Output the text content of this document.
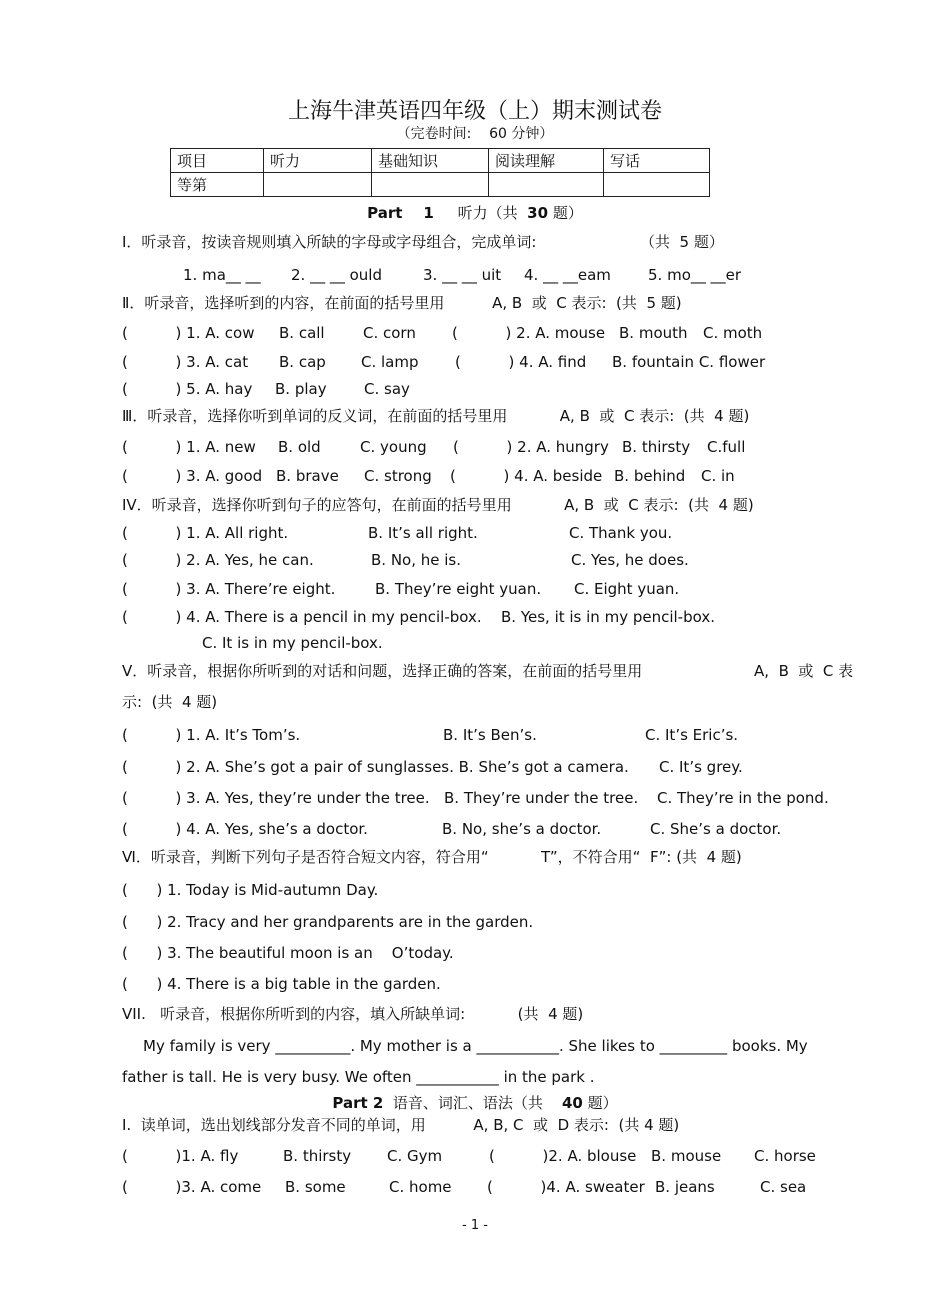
上海牛津英语四年级（上）期末测试卷
（完卷时间:    60 分钟）
项目	听力	基础知识	阅读理解	写话
等第				
Part    1 听力（共 30 题）
Ⅰ．听录音，按读音规则填入所缺的字母或字母组合，完成单词:	（共  5 题）
1. ma__ __ 2. __ __ ould	3. __ __ uit 4. __ __eam 5. mo__ __er
Ⅱ．听录音，选择听到的内容，在前面的括号里用          A, B  或  C 表示:  (共  5 题)
(          ) 1. A. cow B. call	C. corn (          ) 2. A. mouse B. mouth C. moth
(          ) 3. A. cat B. cap C. lamp (          ) 4. A. find B. fountain C. flower
(          ) 5. A. hay B. play C. say
Ⅲ．听录音，选择你听到单词的反义词，在前面的括号里用           A, B  或  C 表示:  (共  4 题)
(          ) 1. A. new B. old	C. young (          ) 2. A. hungry B. thirsty C.full
(          ) 3. A. good B. brave C. strong (          ) 4. A. beside B. behind C. in
IV．听录音，选择你听到句子的应答句，在前面的括号里用           A, B  或  C 表示:  (共  4 题)
(          ) 1. A. All right.	B. It’s all right.	C. Thank you.
(          ) 2. A. Yes, he can.	B. No, he is.	C. Yes, he does.
(          ) 3. A. There’re eight.	B. They’re eight yuan. C. Eight yuan.
(          ) 4. A. There is a pencil in my pencil-box. B. Yes, it is in my pencil-box.
C. It is in my pencil-box.
Ⅴ．听录音，根据你所听到的对话和问题，选择正确的答案，在前面的括号里用	A,  B  或  C 表
示:  (共  4 题)
(          ) 1. A. It’s Tom’s.	B. It’s Ben’s.	C. It’s Eric’s.
(          ) 2. A. She’s got a pair of sunglasses. B. She’s got a camera. C. It’s grey.
(          ) 3. A. Yes, they’re under the tree. B. They’re under the tree. C. They’re in the pond.
(          ) 4. A. Yes, she’s a doctor.	B. No, she’s a doctor.	C. She’s a doctor.
Ⅵ．听录音，判断下列句子是否符合短文内容，符合用“           T”，不符合用“  F”: (共  4 题)
(      ) 1. Today is Mid-autumn Day.
(      ) 2. Tracy and her grandparents are in the garden.
(      ) 3. The beautiful moon is an    O’today.
(      ) 4. There is a big table in the garden.
VII.   听录音，根据你所听到的内容，填入所缺单词:           (共  4 题)
My family is very __________. My mother is a ___________. She likes to _________ books. My
father is tall. He is very busy. We often ___________ in the park .
Part 2 语音、词汇、语法（共 40 题）
I.  读单词，选出划线部分发音不同的单词，用          A, B, C  或  D 表示:  (共 4 题)
(          )1. A. fly	B. thirsty C. Gym	(          )2. A. blouse B. mouse C. horse
(          )3. A. come B. some	C. home (          )4. A. sweater B. jeans	C. sea
- 1 -
